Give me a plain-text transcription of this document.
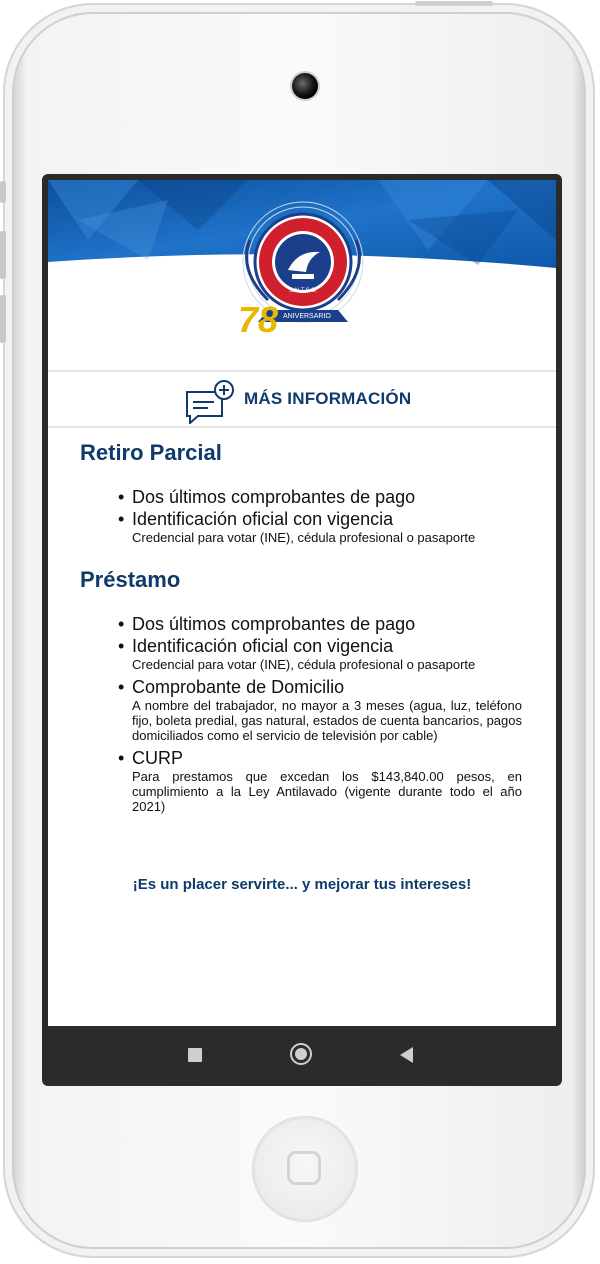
78 ANIVERSARIO
S.N.T.S.S.
MÁS INFORMACIÓN
Retiro Parcial
• Dos últimos comprobantes de pago
• Identificación oficial con vigencia
Credencial para votar (INE), cédula profesional o pasaporte
Préstamo
• Dos últimos comprobantes de pago
• Identificación oficial con vigencia
Credencial para votar (INE), cédula profesional o pasaporte
• Comprobante de Domicilio
A nombre del trabajador, no mayor a 3 meses (agua, luz, teléfono fijo, boleta predial, gas natural, estados de cuenta bancarios, pagos domiciliados como el servicio de televisión por cable)
• CURP
Para prestamos que excedan los $143,840.00 pesos, en cumplimiento a la Ley Antilavado (vigente durante todo el año 2021)
¡Es un placer servirte... y mejorar tus intereses!
